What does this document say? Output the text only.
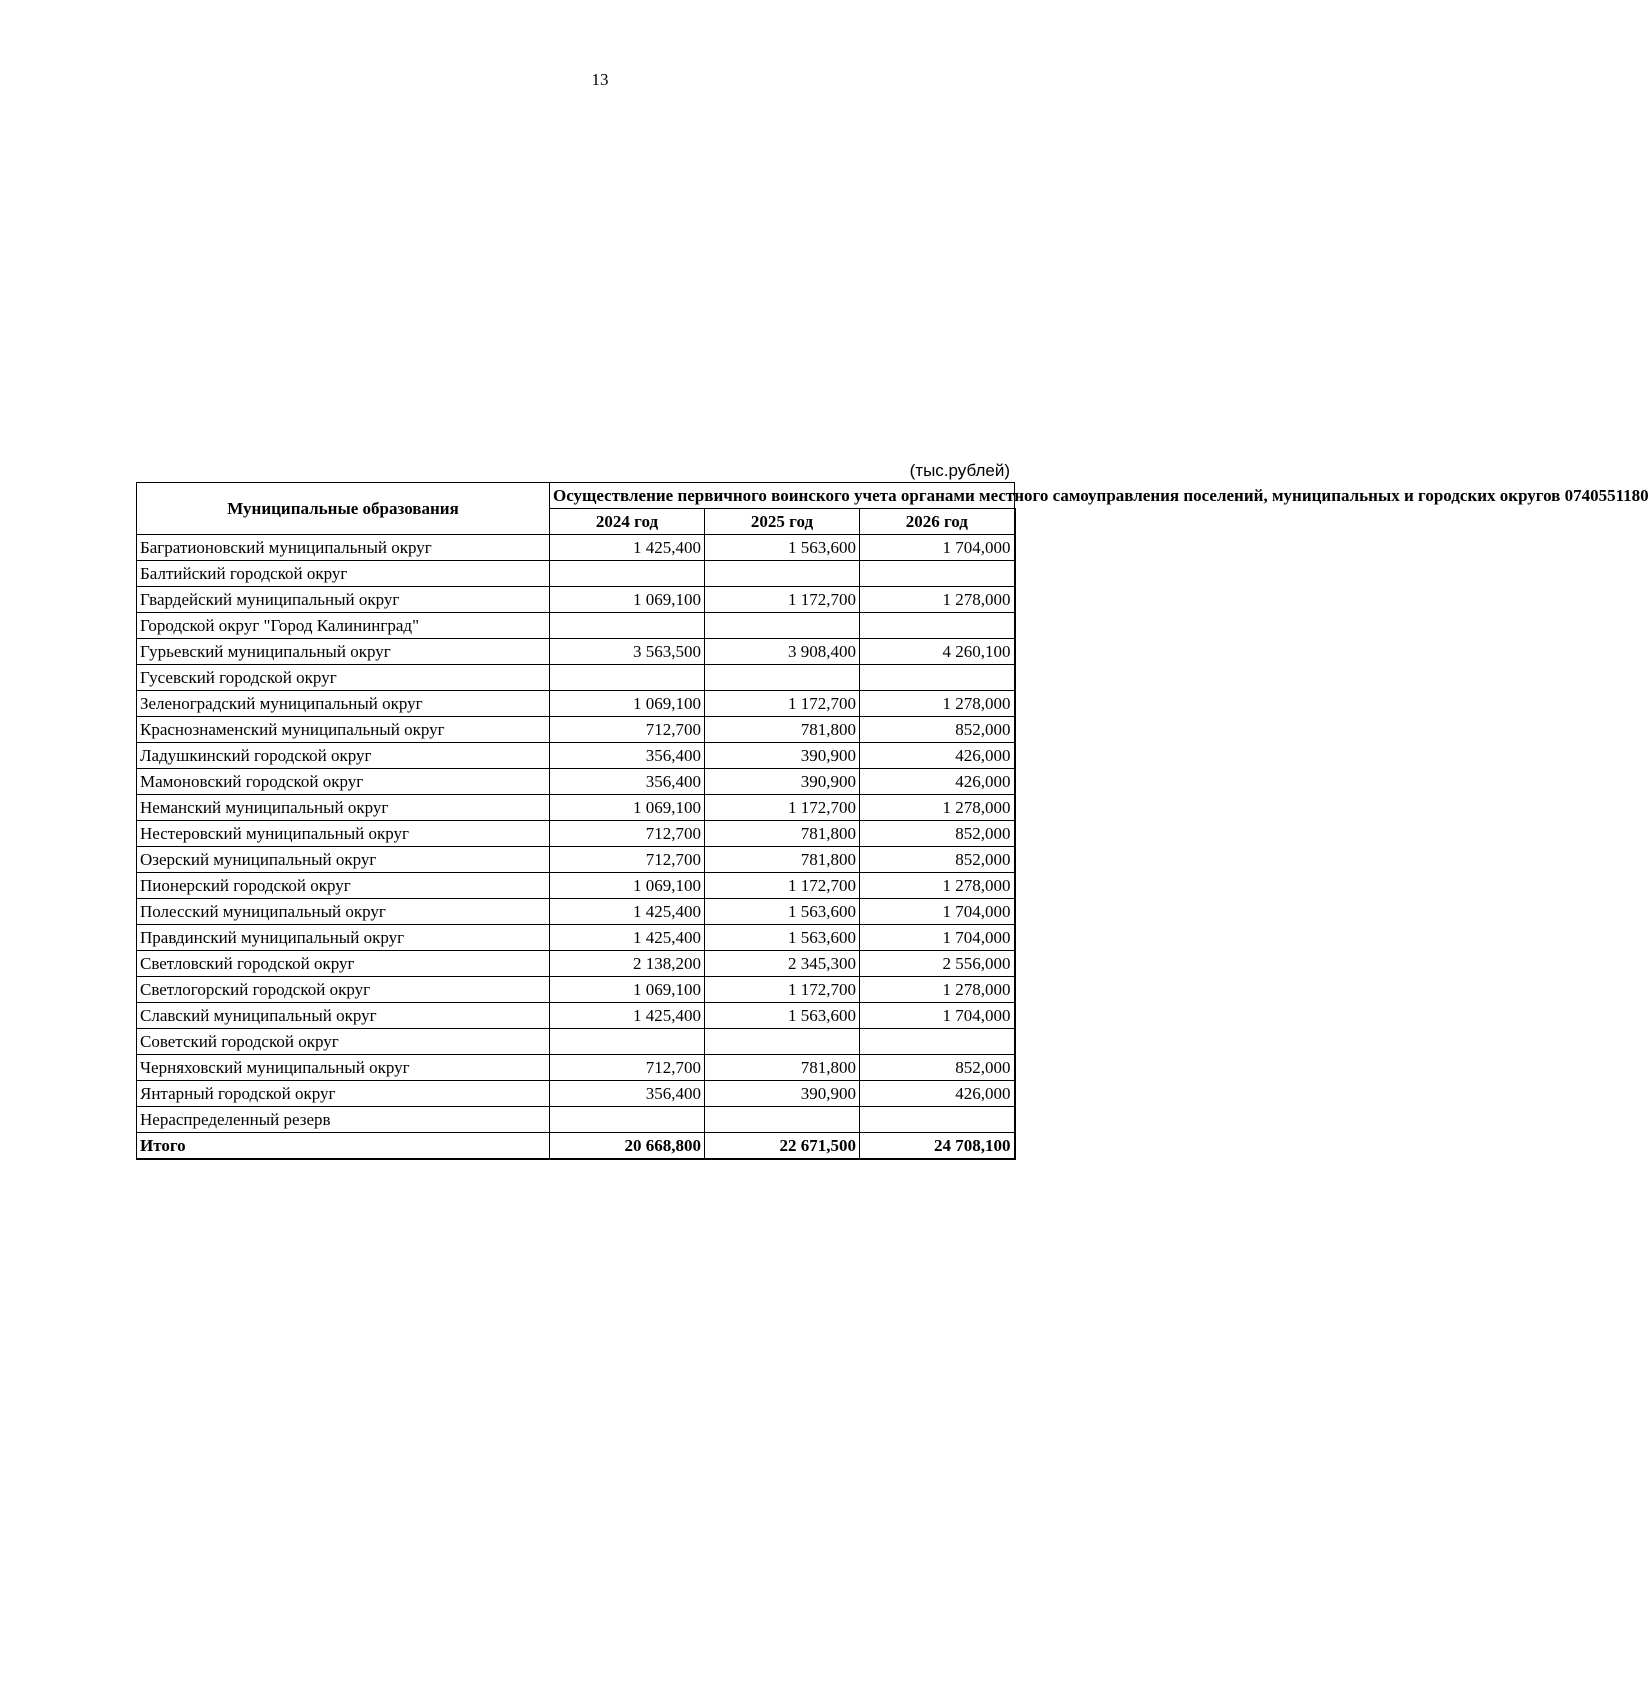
13
(тыс.рублей)
Муниципальные образования	Осуществление первичного воинского учета органами местного самоуправления поселений, муниципальных и городских округов 0740551180		
	2024 год	2025 год	2026 год
Багратионовский муниципальный округ	1 425,400	1 563,600	1 704,000
Балтийский городской округ			
Гвардейский муниципальный округ	1 069,100	1 172,700	1 278,000
Городской округ "Город Калининград"			
Гурьевский муниципальный округ	3 563,500	3 908,400	4 260,100
Гусевский городской округ			
Зеленоградский муниципальный округ	1 069,100	1 172,700	1 278,000
Краснознаменский муниципальный округ	712,700	781,800	852,000
Ладушкинский городской округ	356,400	390,900	426,000
Мамоновский городской округ	356,400	390,900	426,000
Неманский муниципальный округ	1 069,100	1 172,700	1 278,000
Нестеровский муниципальный округ	712,700	781,800	852,000
Озерский муниципальный округ	712,700	781,800	852,000
Пионерский городской округ	1 069,100	1 172,700	1 278,000
Полесский муниципальный округ	1 425,400	1 563,600	1 704,000
Правдинский муниципальный округ	1 425,400	1 563,600	1 704,000
Светловский городской округ	2 138,200	2 345,300	2 556,000
Светлогорский городской округ	1 069,100	1 172,700	1 278,000
Славский муниципальный округ	1 425,400	1 563,600	1 704,000
Советский городской округ			
Черняховский муниципальный округ	712,700	781,800	852,000
Янтарный городской округ	356,400	390,900	426,000
Нераспределенный резерв			
Итого	20 668,800	22 671,500	24 708,100
